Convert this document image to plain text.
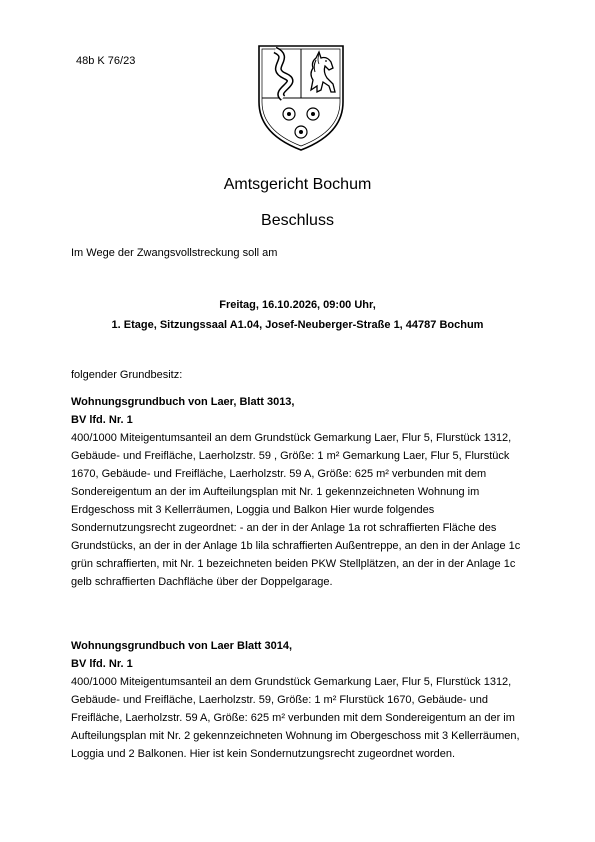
48b K 76/23
Amtsgericht Bochum
Beschluss
Im Wege der Zwangsvollstreckung soll am
Freitag, 16.10.2026, 09:00 Uhr,
1. Etage, Sitzungssaal A1.04, Josef-Neuberger-Straße 1, 44787 Bochum
folgender Grundbesitz:
Wohnungsgrundbuch von Laer, Blatt 3013,
BV lfd. Nr. 1
400/1000 Miteigentumsanteil an dem Grundstück Gemarkung Laer, Flur 5, Flurstück 1312, Gebäude- und Freifläche, Laerholzstr. 59 , Größe: 1 m² Gemarkung Laer, Flur 5, Flurstück 1670, Gebäude- und Freifläche, Laerholzstr. 59 A, Größe: 625 m² verbunden mit dem Sondereigentum an der im Aufteilungsplan mit Nr. 1 gekennzeichneten Wohnung im Erdgeschoss mit 3 Kellerräumen, Loggia und Balkon Hier wurde folgendes Sondernutzungsrecht zugeordnet: - an der in der Anlage 1a rot schraffierten Fläche des Grundstücks, an der in der Anlage 1b lila schraffierten Außentreppe, an den in der Anlage 1c grün schraffierten, mit Nr. 1 bezeichneten beiden PKW Stellplätzen, an der in der Anlage 1c gelb schraffierten Dachfläche über der Doppelgarage.
Wohnungsgrundbuch von Laer Blatt 3014,
BV lfd. Nr. 1
400/1000 Miteigentumsanteil an dem Grundstück Gemarkung Laer, Flur 5, Flurstück 1312, Gebäude- und Freifläche, Laerholzstr. 59, Größe: 1 m² Flurstück 1670, Gebäude- und Freifläche, Laerholzstr. 59 A, Größe: 625 m² verbunden mit dem Sondereigentum an der im Aufteilungsplan mit Nr. 2 gekennzeichneten Wohnung im Obergeschoss mit 3 Kellerräumen, Loggia und 2 Balkonen. Hier ist kein Sondernutzungsrecht zugeordnet worden.
